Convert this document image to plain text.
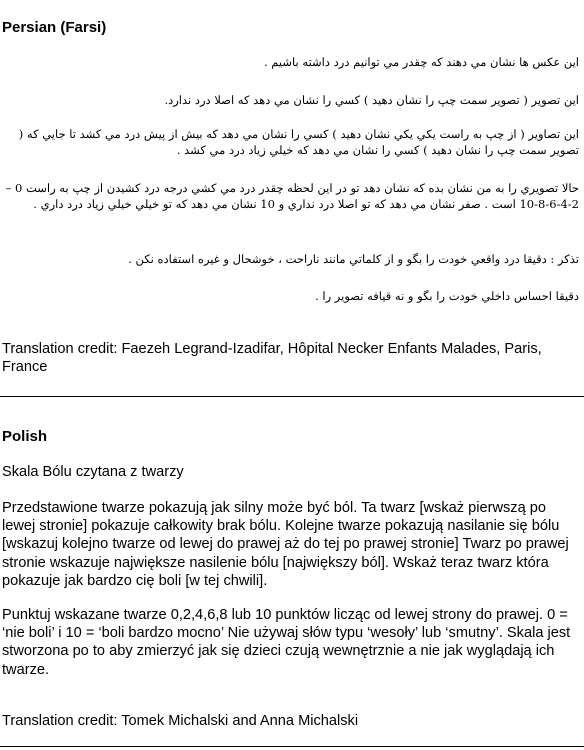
Persian (Farsi)

اين عكس ها نشان مي دهند كه چقدر مي توانيم درد داشته باشيم .

اين تصوير ( تصوير سمت چپ را نشان دهيد ) كسي را نشان مي دهد كه اصلا درد ندارد.

اين تصاوير ( از چپ به راست يكي يكي نشان دهيد ) كسي را نشان مي دهد كه بيش از پيش درد مي كشد تا جايي كه ( تصوير سمت چپ را نشان دهيد ) كسي را نشان مي دهد كه خيلي زياد درد مي كشد .

حالا تصويري را به من نشان بده كه نشان دهد تو در اين لحظه چقدر درد مي كشي درجه درد كشيدن از چپ به راست 0 – 2-4-6-8-10 است . صفر نشان مي دهد كه تو اصلا درد نداري و 10 نشان مي دهد كه تو خيلي خيلي زياد درد داري .

تذكر : دقيقا درد واقعي خودت را بگو و از كلماتي مانند ناراحت ، خوشحال و غيره استفاده نكن .

دقيقا احساس داخلي خودت را بگو و نه قيافه تصوير را .

Translation credit: Faezeh Legrand-Izadifar, Hôpital Necker Enfants Malades, Paris, France

Polish

Skala Bólu czytana z twarzy

Przedstawione twarze pokazują jak silny może być ból. Ta twarz [wskaż pierwszą po lewej stronie] pokazuje całkowity brak bólu. Kolejne twarze pokazują nasilanie się bólu [wskazuj kolejno twarze od lewej do prawej aż do tej po prawej stronie] Twarz po prawej stronie wskazuje największe nasilenie bólu [największy ból]. Wskaż teraz twarz która pokazuje jak bardzo cię boli [w tej chwili].

Punktuj wskazane twarze 0,2,4,6,8 lub 10 punktów licząc od lewej strony do prawej. 0 = ‘nie boli’ i 10 = ‘boli bardzo mocno’ Nie używaj słów typu ‘wesoły’ lub ‘smutny’. Skala jest stworzona po to aby zmierzyć jak się dzieci czują wewnętrznie a nie jak wyglądają ich twarze.

Translation credit: Tomek Michalski and Anna Michalski
